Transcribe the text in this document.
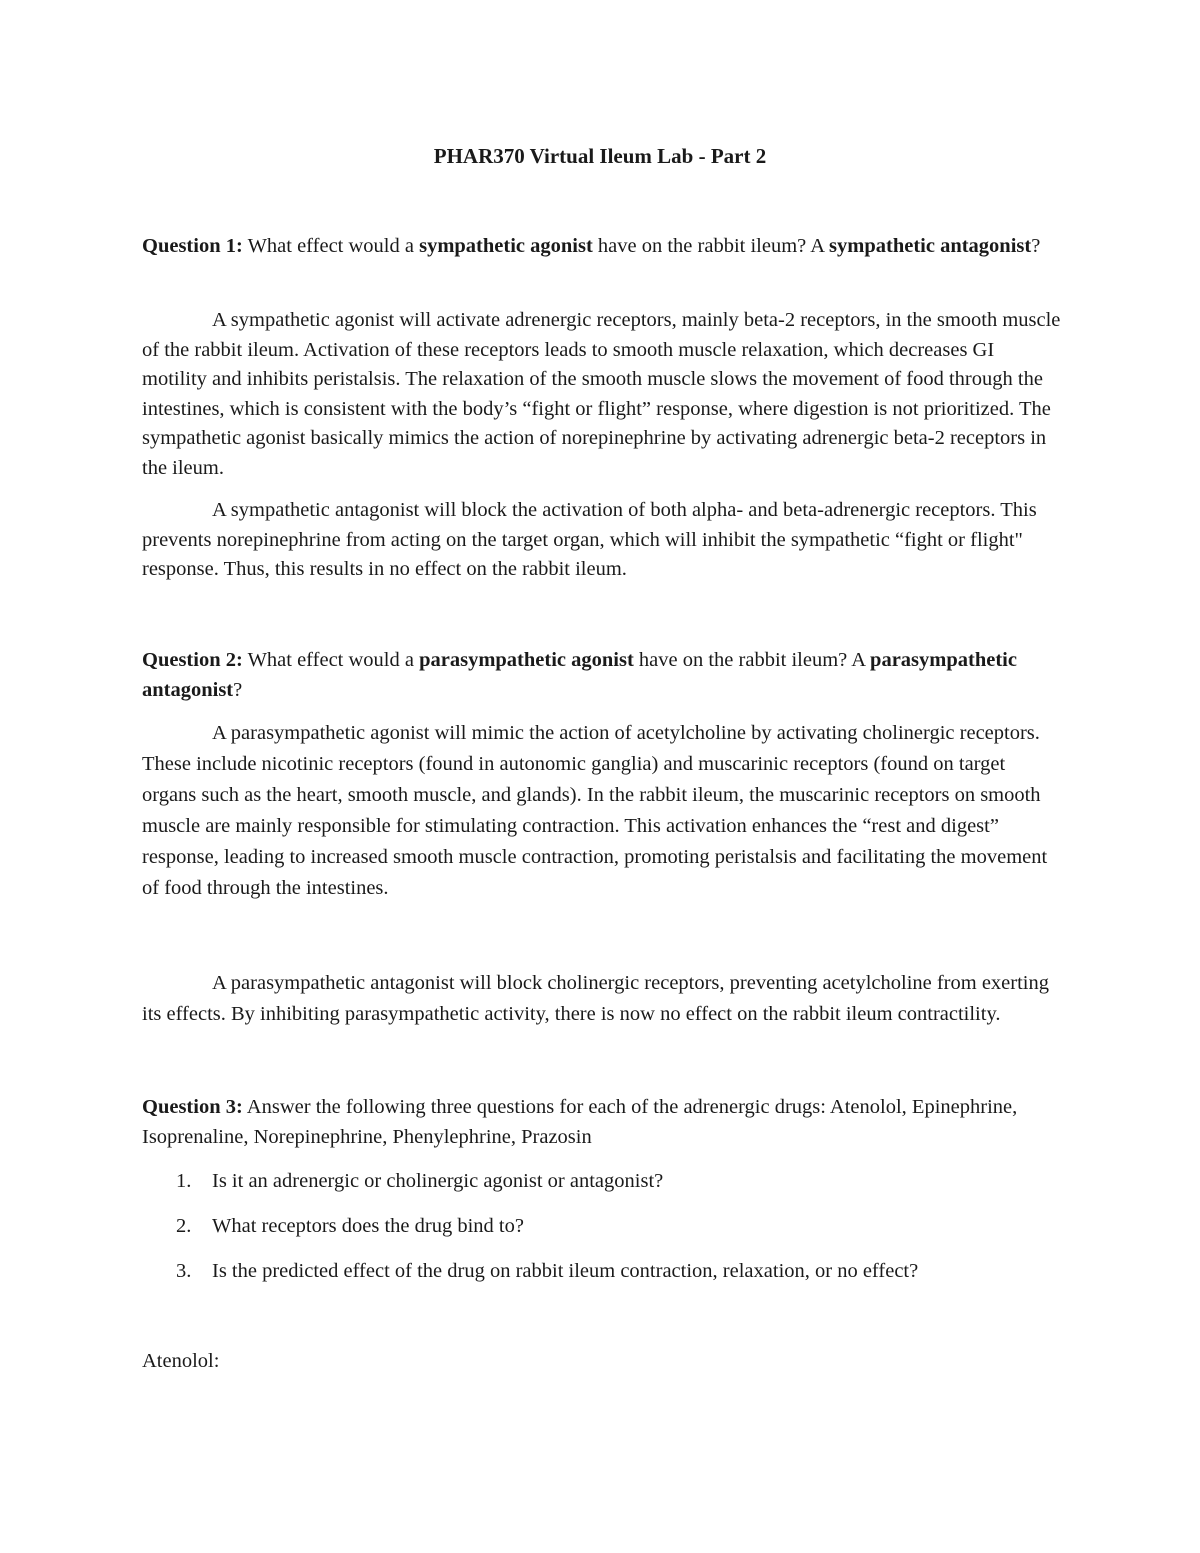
PHAR370 Virtual Ileum Lab - Part 2

Question 1: What effect would a sympathetic agonist have on the rabbit ileum? A sympathetic antagonist?

A sympathetic agonist will activate adrenergic receptors, mainly beta-2 receptors, in the smooth muscle of the rabbit ileum. Activation of these receptors leads to smooth muscle relaxation, which decreases GI motility and inhibits peristalsis. The relaxation of the smooth muscle slows the movement of food through the intestines, which is consistent with the body’s “fight or flight” response, where digestion is not prioritized. The sympathetic agonist basically mimics the action of norepinephrine by activating adrenergic beta-2 receptors in the ileum.

A sympathetic antagonist will block the activation of both alpha- and beta-adrenergic receptors. This prevents norepinephrine from acting on the target organ, which will inhibit the sympathetic “fight or flight" response. Thus, this results in no effect on the rabbit ileum.

Question 2: What effect would a parasympathetic agonist have on the rabbit ileum? A parasympathetic antagonist?

A parasympathetic agonist will mimic the action of acetylcholine by activating cholinergic receptors. These include nicotinic receptors (found in autonomic ganglia) and muscarinic receptors (found on target organs such as the heart, smooth muscle, and glands). In the rabbit ileum, the muscarinic receptors on smooth muscle are mainly responsible for stimulating contraction. This activation enhances the “rest and digest” response, leading to increased smooth muscle contraction, promoting peristalsis and facilitating the movement of food through the intestines.

A parasympathetic antagonist will block cholinergic receptors, preventing acetylcholine from exerting its effects. By inhibiting parasympathetic activity, there is now no effect on the rabbit ileum contractility.

Question 3: Answer the following three questions for each of the adrenergic drugs: Atenolol, Epinephrine, Isoprenaline, Norepinephrine, Phenylephrine, Prazosin

1. Is it an adrenergic or cholinergic agonist or antagonist?
2. What receptors does the drug bind to?
3. Is the predicted effect of the drug on rabbit ileum contraction, relaxation, or no effect?

Atenolol:
